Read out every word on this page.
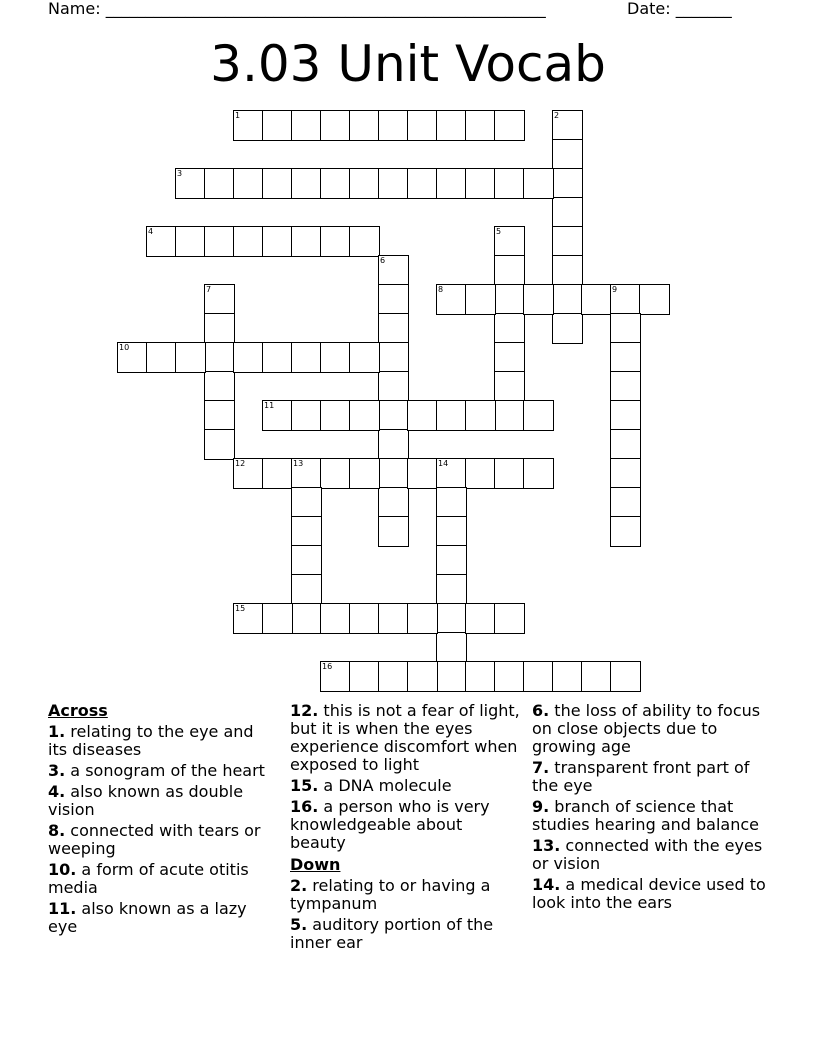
Name: _______________________________________________________	Date: _______
3.03 Unit Vocab
1	2
3
4	5
6
7	8	9
10
11
12	13	14
15
16
Across
1. relating to the eye and its diseases
3. a sonogram of the heart
4. also known as double vision
8. connected with tears or weeping
10. a form of acute otitis media
11. also known as a lazy eye
12. this is not a fear of light, but it is when the eyes experience discomfort when exposed to light
15. a DNA molecule
16. a person who is very knowledgeable about beauty
Down
2. relating to or having a tympanum
5. auditory portion of the inner ear
6. the loss of ability to focus on close objects due to growing age
7. transparent front part of the eye
9. branch of science that studies hearing and balance
13. connected with the eyes or vision
14. a medical device used to look into the ears
